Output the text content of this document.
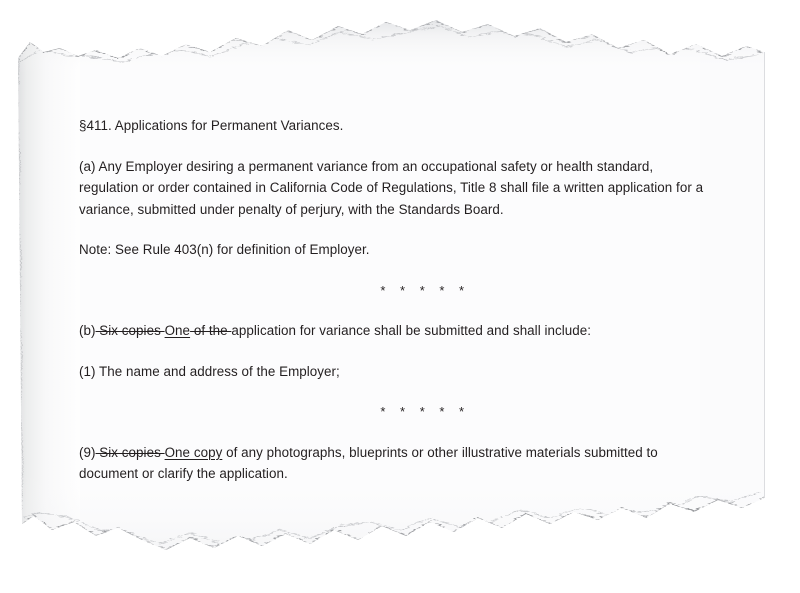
§411. Applications for Permanent Variances.
(a) Any Employer desiring a permanent variance from an occupational safety or health standard, regulation or order contained in California Code of Regulations, Title 8 shall file a written application for a variance, submitted under penalty of perjury, with the Standards Board.
Note: See Rule 403(n) for definition of Employer.
* * * * *
(b) Six copies One of the application for variance shall be submitted and shall include:
(1) The name and address of the Employer;
* * * * *
(9) Six copies One copy of any photographs, blueprints or other illustrative materials submitted to document or clarify the application.
